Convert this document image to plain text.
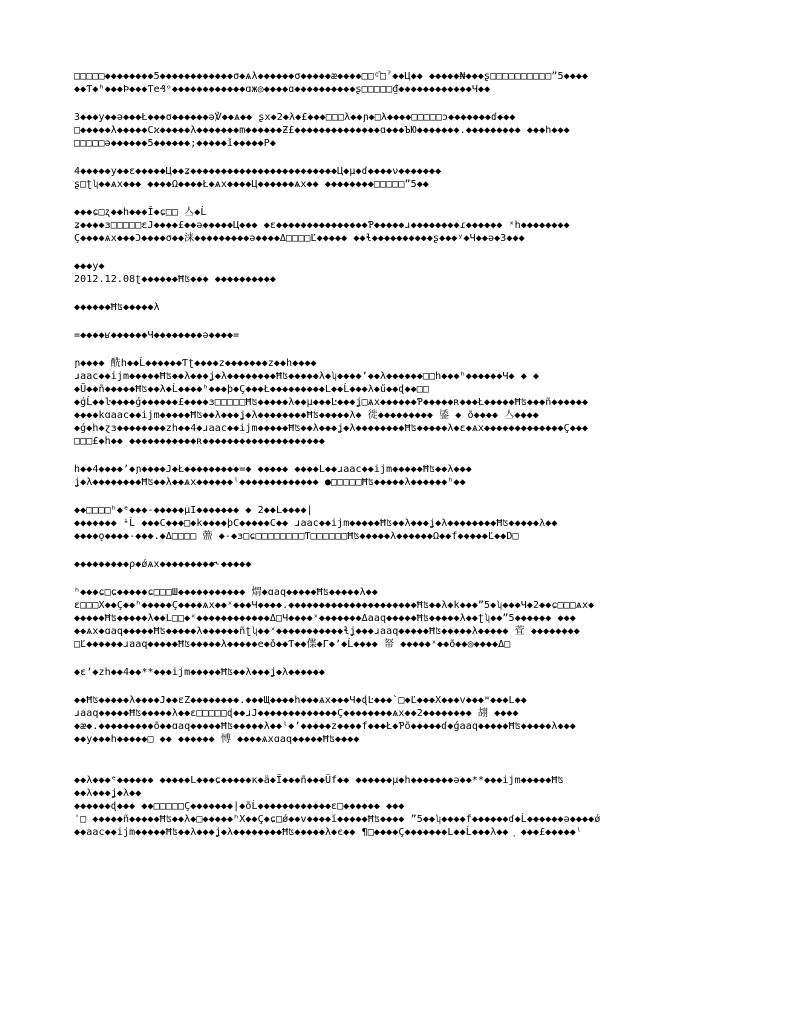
□□□□□◆◆◆◆◆◆◆◆5◆◆◆◆◆◆◆◆◆◆◆◆σ◆ѧλ◆◆◆◆◆◆σ◆◆◆◆◆æ◆◆◆◆□□ᶜ᷆□ˀ◆◆Ц◆◆ ◆◆◆◆◆₦◆◆◆ʂ□□□□□□□□□□”5◆◆◆◆
◆◆Ƭ◆ʰ◆◆◆Þ◆◆◆Ƭe₰ᵒ◆◆◆◆◆◆◆◆◆◆◆◆ɑж◎◆◆◆◆ɑ◆◆◆◆◆◆◆◆◆◆ʂ□□□□□₫◆◆◆◆◆◆◆◆◆◆◆◆Ч◆◆
3◆◆◆у◆◆ə◆◆◆Ł◆◆◆σ◆◆◆◆◆◆ə℣◆◆ѧ◆◆ ʂx◆2◆λ◆£◆◆◆□□□λ◆◆ɲ◆□λ◆◆◆◆□□□□□ɔ◆◆◆◆◆◆◆ɗ◆◆◆
□◆◆◆◆◆λ◆◆◆◆◆Сϰ◆◆◆◆◆λ◆◆◆◆◆◆◆m◆◆◆◆◆◆Ƶ£◆◆◆◆◆◆◆◆◆◆◆◆◆◆ɑ◆◆◆ЪЮ◆◆◆◆◆◆◆.◆◆◆◆◆◆◆◆◆ ◆◆◆h◆◆◆
□□□□□ə◆◆◆◆◆◆5◆◆◆◆◆◆;◆◆◆◆◆ǐ◆◆◆◆◆Р◆
4◆◆◆◆◆у◆◆ɛ◆◆◆◆◆Ц◆◆ʑ◆◆◆◆◆◆◆◆◆◆◆◆◆◆◆◆◆◆◆◆◆◆◆◆Ц◆µ◆ɗ◆◆◆◆ν◆◆◆◆◆◆◆
ʂ□ʈʮ◆◆ѧx◆◆◆ ◆◆◆◆Ω◆◆◆◆Ł◆ѧx◆◆◆◆Ц◆◆◆◆◆◆ѧx◆◆ ◆◆◆◆◆◆◆◆□□□□□”5◆◆
◆◆◆ɕ□ʐ◆◆h◆◆◆Ǐ◆ɕ□□ 亼◆Ĺ
ʑ◆◆◆◆ɜ□□□□□ɛJ◆◆◆◆£◆◆ə◆◆◆◆◆Ц◆◆◆ ◆ɛ◆◆◆◆◆◆◆◆◆◆◆◆◆◆◆Ƥ◆◆◆◆◆ɹ◆◆◆◆◆◆◆◆ɾ◆◆◆◆◆◆ ˣh◆◆◆◆◆◆◆◆
Ç◆◆◆◆ѧx◆◆◆Ɔ◆◆◆◆σ◆◆涞◆◆◆◆◆◆◆◆◆ə◆◆◆◆Δ□□□□Ľ◆◆◆◆◆ ◆◆ɬ◆◆◆◆◆◆◆◆◆◆ʂ◆◆◆ʸ◆Ч◆◆ə◆3◆◆◆
◆◆◆у◆
2012.12.08ʈ◆◆◆◆◆◆Ħʦ◆◆◆ ◆◆◆◆◆◆◆◆◆◆
◆◆◆◆◆◆Ħʦ◆◆◆◆◆λ
=◆◆◆◆ʁ◆◆◆◆◆◆Ч◆◆◆◆◆◆◆◆ǝ◆◆◆◆=
ɲ◆◆◆◆ 酰h◆◆Ĺ◆◆◆◆◆◆Ƭʈ◆◆◆◆z◆◆◆◆◆◆◆z◆◆h◆◆◆◆
ɹaac◆◆ijm◆◆◆◆◆Ħʦ◆◆λ◆◆◆ʝ◆λ◆◆◆◆◆◆◆◆Ħʦ◆◆◆◆◆λ◆ʮ◆◆◆◆ʼ◆◆λ◆◆◆◆◆◆□□h◆◆◆ʰ◆◆◆◆◆◆Ч◆ ◆ ◆
◆Ũ◆◆ñ◆◆◆◆◆Ħʦ◆◆λ◆Ĺ◆◆◆◆ʰ◆◆◆þ◆Ç◆◆◆Ł◆◆◆◆◆◆◆◆◆L◆◆Ĺ◆◆◆λ◆ű◆◆ɖ◆◆□□
◆ǵĹ◆◆ŀ◆◆◆◆ǵ◆◆◆◆◆◆£◆◆◆◆ɜ□□□□□Ħʦ◆◆◆◆◆λ◆◆µ◆◆◆Ŀ◆◆◆ʝ□ѧx◆◆◆◆◆◆Ƥ◆◆◆◆◆ʀ◆◆◆Ł◆◆◆◆◆Ħʦ◆◆◆ñ◆◆◆◆◆◆
◆◆◆◆kɑaac◆◆ijm◆◆◆◆◆Ħʦ◆◆λ◆◆◆ʝ◆λ◆◆◆◆◆◆◆◆Ħʦ◆◆◆◆◆λ◆ 徙◆◆◆◆◆◆◆◆◆ 鋈 ◆ õ◆◆◆◆ 亼◆◆◆◆
◆ǵ◆h◆ɀɜ◆◆◆◆◆◆◆◆zh◆◆4◆ɹaac◆◆ijm◆◆◆◆◆Ħʦ◆◆λ◆◆◆ʝ◆λ◆◆◆◆◆◆◆◆Ħʦ◆◆◆◆◆λ◆ɛ◆ѧx◆◆◆◆◆◆◆◆◆◆◆◆◆Ç◆◆◆
□□□£◆h◆◆ ◆◆◆◆◆◆◆◆◆◆◆ʀ◆◆◆◆◆◆◆◆◆◆◆◆◆◆◆◆◆◆◆◆
h◆◆4◆◆◆◆ʼ◆ɲ◆◆◆◆J◆Ł◆◆◆◆◆◆◆◆◆=◆ ◆◆◆◆◆ ◆◆◆◆L◆◆ɹaac◆◆ijm◆◆◆◆◆Ħʦ◆◆λ◆◆◆
ʝ◆λ◆◆◆◆◆◆◆◆Ħʦ◆◆λ◆◆ѧx◆◆◆◆◆◆ˡ◆◆◆◆◆◆◆◆◆◆◆◆◆ ●□□□□□Ħʦ◆◆◆◆◆λ◆◆◆◆◆◆ʰ◆◆
◆◆□□□□ʰ◆ᵉ◆◆◆-◆◆◆◆◆µI◆◆◆◆◆◆◆ ◆ 2◆◆L◆◆◆◆|
◆◆◆◆◆◆◆ ᶤĹ ◆◆◆C◆◆◆□◆k◆◆◆◆þC◆◆◆◆◆C◆◆ ɹaac◆◆ijm◆◆◆◆◆Ħʦ◆◆λ◆◆◆ʝ◆λ◆◆◆◆◆◆◆◆Ħʦ◆◆◆◆◆λ◆◆
◆◆◆◆ǫ◆◆◆◆-◆◆◆.◆Δ□□□□ 䀇 ◆-◆ɜ□ɕ□□□□□□□□Ƭ□□□□□□Ħʦ◆◆◆◆◆λ◆◆◆◆◆◆Ω◆◆f◆◆◆◆◆Ľ◆◆D□
◆◆◆◆◆◆◆◆◆ρ◆ǿѧx◆◆◆◆◆◆◆◆◆˞◆◆◆◆◆
ʰ◆◆◆ɕ□ɕ◆◆◆◆◆ɕ□□□Ш◆◆◆◆◆◆◆◆◆◆◆ 煟◆ɑaq◆◆◆◆◆Ħʦ◆◆◆◆◆λ◆◆
ɛ□□□X◆◆Ç◆◆ʰ◆◆◆◆◆Ç◆◆◆◆ѧx◆◆ˣ◆◆◆Ч◆◆◆◆.◆◆◆◆◆◆◆◆◆◆◆◆◆◆◆◆◆◆◆◆◆Ħʦ◆◆λ◆k◆◆◆”5◆ʮ◆◆◆Ч◆2◆◆ɕ□□□ѧx◆
◆◆◆◆◆Ħʦ◆◆◆◆◆λ◆◆L□□◆ˣ◆◆◆◆◆◆◆◆◆◆◆◆Δ□Ч◆◆◆◆ˣ◆◆◆◆◆◆◆Δaaq◆◆◆◆◆Ħʦ◆◆◆◆◆λ◆◆ʈʮ◆◆”5◆◆◆◆◆◆ ◆◆◆
◆◆ѧx◆ɑaq◆◆◆◆◆Ħʦ◆◆◆◆◆λ◆◆◆◆◆◆ñʈʮ◆◆ˣ◆◆◆◆◆◆◆◆◆◆◆ɬʝ◆◆◆ɹaaq◆◆◆◆◆Ħʦ◆◆◆◆◆λ◆◆◆◆◆ 萓 ◆◆◆◆◆◆◆◆
□Ľ◆◆◆◆◆◆ɹaaq◆◆◆◆◆Ħʦ◆◆◆◆◆λ◆◆◆◆◆e◆ǒ◆◆Ƭ◆◆偞◆Γ◆ʼ◆Ĺ◆◆◆◆ 帑 ◆◆◆◆◆ˣ◆◆õ◆◆◎◆◆◆◆Δ□
◆ɛʼ◆zh◆◆4◆◆**◆◆◆ijm◆◆◆◆◆Ħʦ◆◆λ◆◆◆ʝ◆λ◆◆◆◆◆◆
◆◆Ħʦ◆◆◆◆◆λ◆◆◆◆J◆◆ɛZ◆◆◆◆◆◆◆◆.◆◆◆Щ◆◆◆◆h◆◆◆ѧx◆◆◆Ч◆ɖĿ◆◆◆`□◆Ľ◆◆◆X◆◆◆v◆◆◆ʷ◆◆◆L◆◆
ɹaaq◆◆◆◆◆Ħʦ◆◆◆◆◆λ◆◆ɛ□□□□□ɖ◆◆ɹJ◆◆◆◆◆◆◆◆◆◆◆◆◆Ç◆◆◆◆◆◆◆◆ѧx◆◆2◆◆◆◆◆◆◆◆ 䎁 ◆◆◆◆
◆æ◆.◆◆◆◆◆◆◆◆◆õ◆◆ɑaq◆◆◆◆◆Ħʦ◆◆◆◆◆λ◆◆ˡ◆ʼ◆◆◆◆◆z◆◆◆◆f◆◆◆Ł◆Ƥõ◆◆◆◆◆ɗ◆ǵaaq◆◆◆◆◆Ħʦ◆◆◆◆◆λ◆◆◆
◆◆у◆◆◆h◆◆◆◆◆□ ◆◆ ◆◆◆◆◆◆ 愽 ◆◆◆◆ѧxɑaq◆◆◆◆◆Ħʦ◆◆◆◆
◆◆λ◆◆◆ᵉ◆◆◆◆◆◆ ◆◆◆◆◆L◆◆◆ɕ◆◆◆◆◆κ◆ä◆Ï◆◆◆ñ◆◆◆Üf◆◆ ◆◆◆◆◆◆µ◆h◆◆◆◆◆◆◆ə◆◆**◆◆◆ijm◆◆◆◆◆Ħʦ
◆◆λ◆◆◆ʝ◆λ◆◆
◆◆◆◆◆◆ɖ◆◆◆ ◆◆□□□□□Ç◆◆◆◆◆◆◆|◆õĹ◆◆◆◆◆◆◆◆◆◆◆◆ɛ□◆◆◆◆◆◆ ◆◆◆
ˈ□ ◆◆◆◆◆ñ◆◆◆◆◆Ħʦ◆◆λ◆□◆◆◆◆◆ʰX◆◆Ç◆ɕ□ǿ◆◆v◆◆◆◆ĭ◆◆◆◆◆Ħʦ◆◆◆◆ ”5◆◆ʮ◆◆◆◆f◆◆◆◆◆◆ɗ◆Ĺ◆◆◆◆◆◆ə◆◆◆◆ǿ
◆◆aac◆◆ijm◆◆◆◆◆Ħʦ◆◆λ◆◆◆ʝ◆λ◆◆◆◆◆◆◆◆Ħʦ◆◆◆◆◆λ◆є◆◆ ¶□◆◆◆◆Ç◆◆◆◆◆◆◆L◆◆Ĺ◆◆◆λ◆◆ ᷊ ◆◆◆£◆◆◆◆◆ˡ
